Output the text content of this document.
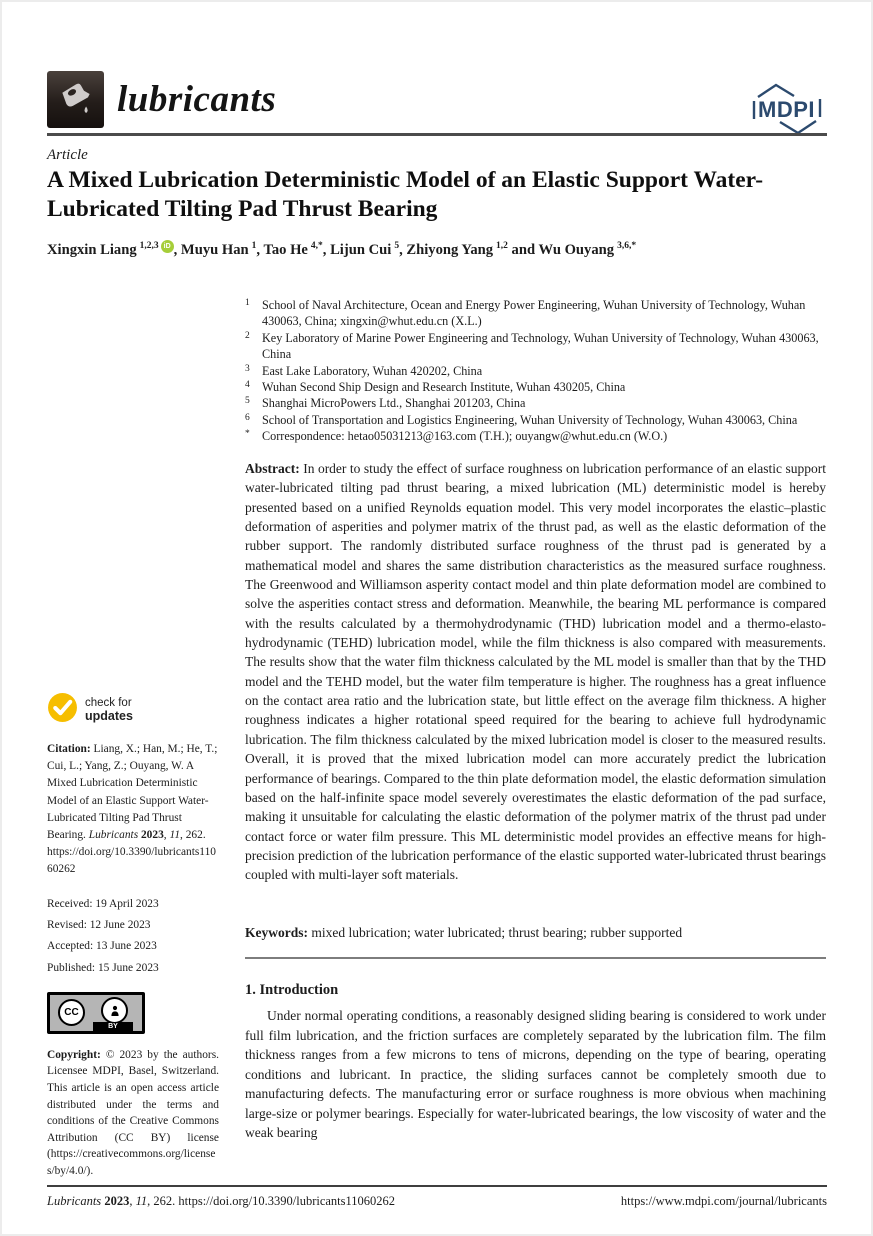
lubricants	MDPI
Article
A Mixed Lubrication Deterministic Model of an Elastic Support Water-Lubricated Tilting Pad Thrust Bearing
Xingxin Liang $^{1,2,3}$ iD , Muyu Han $^1$, Tao He $^{4,*}$, Lijun Cui $^5$, Zhiyong Yang $^{1,2}$ and Wu Ouyang $^{3,6,*}$
1	School of Naval Architecture, Ocean and Energy Power Engineering, Wuhan University of Technology, Wuhan 430063, China; xingxin@whut.edu.cn (X.L.)
2	Key Laboratory of Marine Power Engineering and Technology, Wuhan University of Technology, Wuhan 430063, China
3	East Lake Laboratory, Wuhan 420202, China
4	Wuhan Second Ship Design and Research Institute, Wuhan 430205, China
5	Shanghai MicroPowers Ltd., Shanghai 201203, China
6	School of Transportation and Logistics Engineering, Wuhan University of Technology, Wuhan 430063, China
*	Correspondence: hetao05031213@163.com (T.H.); ouyangw@whut.edu.cn (W.O.)

Abstract: In order to study the effect of surface roughness on lubrication performance of an elastic support water-lubricated tilting pad thrust bearing, a mixed lubrication (ML) deterministic model is hereby presented based on a unified Reynolds equation model. This very model incorporates the elastic–plastic deformation of asperities and polymer matrix of the thrust pad, as well as the elastic deformation of the rubber support. The randomly distributed surface roughness of the thrust pad is generated by a mathematical model and shares the same distribution characteristics as the measured surface roughness. The Greenwood and Williamson asperity contact model and thin plate deformation model are combined to solve the asperities contact stress and deformation. Meanwhile, the bearing ML performance is compared with the results calculated by a thermohydrodynamic (THD) lubrication model and a thermo-elasto-hydrodynamic (TEHD) lubrication model, while the film thickness is also compared with measurements. The results show that the water film thickness calculated by the ML model is smaller than that by the THD model and the TEHD model, but the water film temperature is higher. The roughness has a great influence on the contact area ratio and the lubrication state, but little effect on the average film thickness. A higher roughness indicates a higher rotational speed required for the bearing to achieve full hydrodynamic lubrication. The film thickness calculated by the mixed lubrication model is closer to the measured results. Overall, it is proved that the mixed lubrication model can more accurately predict the lubrication performance of bearings. Compared to the thin plate deformation model, the elastic deformation simulation based on the half-infinite space model severely overestimates the elastic deformation of the pad surface, making it unsuitable for calculating the elastic deformation of the polymer matrix of the thrust pad under contact force or water film pressure. This ML deterministic model provides an effective means for high-precision prediction of the lubrication performance of the elastic supported water-lubricated thrust bearings coupled with multi-layer soft materials.

Keywords: mixed lubrication; water lubricated; thrust bearing; rubber supported

1. Introduction

Under normal operating conditions, a reasonably designed sliding bearing is considered to work under full film lubrication, and the friction surfaces are completely separated by the lubrication film. The film thickness ranges from a few microns to tens of microns, depending on the type of bearing, operating conditions and lubricant. In practice, the sliding surfaces cannot be completely smooth due to manufacturing defects. The manufacturing error or surface roughness is more obvious when machining large-size or polymer bearings. Especially for water-lubricated bearings, the low viscosity of water and the weak bearing

check for
updates
Citation: Liang, X.; Han, M.; He, T.; Cui, L.; Yang, Z.; Ouyang, W. A Mixed Lubrication Deterministic Model of an Elastic Support Water-Lubricated Tilting Pad Thrust Bearing. Lubricants 2023, 11, 262. https://doi.org/10.3390/lubricants11060262
Received: 19 April 2023
Revised: 12 June 2023
Accepted: 13 June 2023
Published: 15 June 2023
CC
BY
Copyright: © 2023 by the authors. Licensee MDPI, Basel, Switzerland. This article is an open access article distributed under the terms and conditions of the Creative Commons Attribution (CC BY) license (https://creativecommons.org/licenses/by/4.0/).
Lubricants 2023, 11, 262. https://doi.org/10.3390/lubricants11060262	https://www.mdpi.com/journal/lubricants
